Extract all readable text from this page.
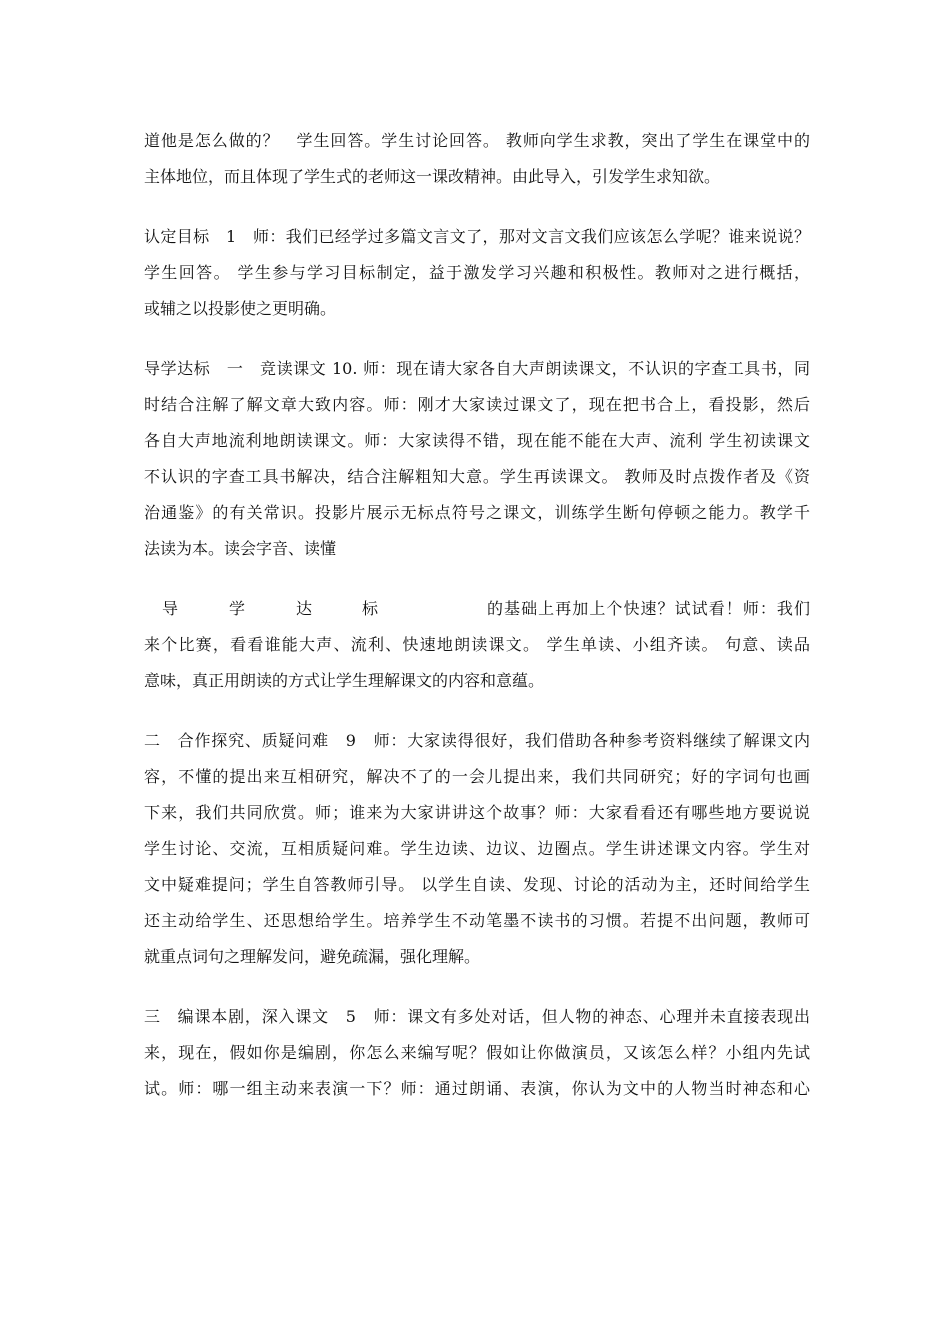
道他是怎么做的？　学生回答。学生讨论回答。 教师向学生求教，突出了学生在课堂中的
主体地位，而且体现了学生式的老师这一课改精神。由此导入，引发学生求知欲。
认定目标　1　师：我们已经学过多篇文言文了，那对文言文我们应该怎么学呢？谁来说说？
学生回答。 学生参与学习目标制定，益于激发学习兴趣和积极性。教师对之进行概括，
或辅之以投影使之更明确。
导学达标　一　竞读课文 10. 师：现在请大家各自大声朗读课文，不认识的字查工具书，同
时结合注解了解文章大致内容。师：刚才大家读过课文了，现在把书合上，看投影，然后
各自大声地流利地朗读课文。师：大家读得不错，现在能不能在大声、流利 学生初读课文
不认识的字查工具书解决，结合注解粗知大意。学生再读课文。 教师及时点拨作者及《资
治通鉴》的有关常识。投影片展示无标点符号之课文，训练学生断句停顿之能力。教学千
法读为本。读会字音、读懂
导	学	达	标	的基础上再加上个快速？试试看！师：我们
来个比赛，看看谁能大声、流利、快速地朗读课文。 学生单读、小组齐读。 句意、读品
意味，真正用朗读的方式让学生理解课文的内容和意蕴。
二　合作探究、质疑问难　9　师：大家读得很好，我们借助各种参考资料继续了解课文内
容，不懂的提出来互相研究，解决不了的一会儿提出来，我们共同研究；好的字词句也画
下来，我们共同欣赏。师；谁来为大家讲讲这个故事？师：大家看看还有哪些地方要说说
学生讨论、交流，互相质疑问难。学生边读、边议、边圈点。学生讲述课文内容。学生对
文中疑难提问；学生自答教师引导。 以学生自读、发现、讨论的活动为主，还时间给学生
还主动给学生、还思想给学生。培养学生不动笔墨不读书的习惯。若提不出问题，教师可
就重点词句之理解发问，避免疏漏，强化理解。
三　编课本剧，深入课文　5　师：课文有多处对话，但人物的神态、心理并未直接表现出
来，现在，假如你是编剧，你怎么来编写呢？假如让你做演员，又该怎么样？小组内先试
试。师：哪一组主动来表演一下？师：通过朗诵、表演，你认为文中的人物当时神态和心
